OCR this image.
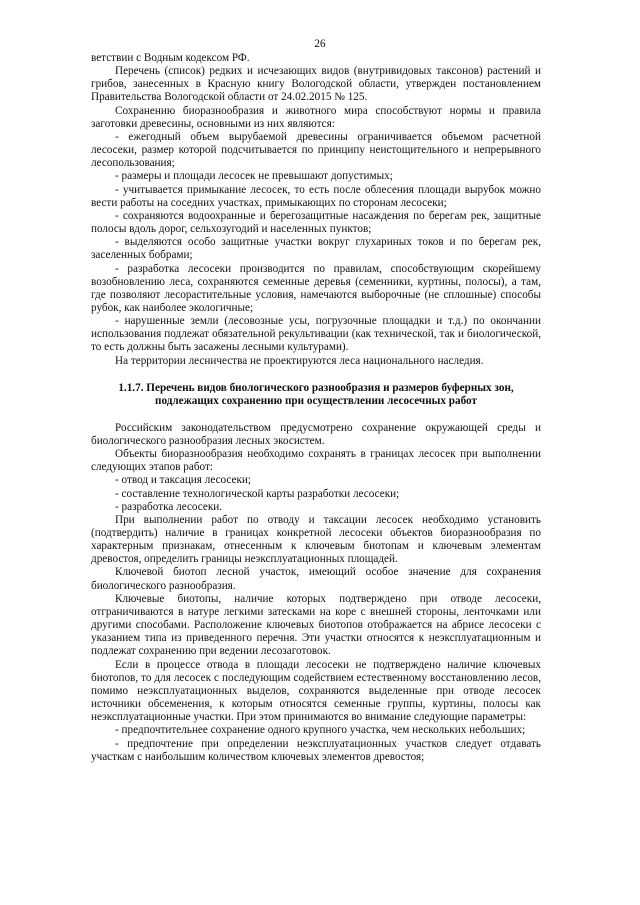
26

ветствии с Водным кодексом РФ.

Перечень (список) редких и исчезающих видов (внутривидовых таксонов) растений и грибов, занесенных в Красную книгу Вологодской области, утвержден постановлением Правительства Вологодской области от 24.02.2015 № 125.

Сохранению биоразнообразия и животного мира способствуют нормы и правила заготовки древесины, основными из них являются:

- ежегодный объем вырубаемой древесины ограничивается объемом расчетной лесосеки, размер которой подсчитывается по принципу неистощительного и непрерывного лесопользования;

- размеры и площади лесосек не превышают допустимых;

- учитывается примыкание лесосек, то есть после облесения площади вырубок можно вести работы на соседних участках, примыкающих по сторонам лесосеки;

- сохраняются водоохранные и берегозащитные насаждения по берегам рек, защитные полосы вдоль дорог, сельхозугодий и населенных пунктов;

- выделяются особо защитные участки вокруг глухариных токов и по берегам рек, заселенных бобрами;

- разработка лесосеки производится по правилам, способствующим скорейшему возобновлению леса, сохраняются семенные деревья (семенники, куртины, полосы), а там, где позволяют лесорастительные условия, намечаются выборочные (не сплошные) способы рубок, как наиболее экологичные;

- нарушенные земли (лесовозные усы, погрузочные площадки и т.д.) по окончании использования подлежат обязательной рекультивации (как технической, так и биологической, то есть должны быть засажены лесными культурами).

На территории лесничества не проектируются леса национального наследия.

1.1.7. Перечень видов биологического разнообразия и размеров буферных зон, подлежащих сохранению при осуществлении лесосечных работ

Российским законодательством предусмотрено сохранение окружающей среды и биологического разнообразия лесных экосистем.

Объекты биоразнообразия необходимо сохранять в границах лесосек при выполнении следующих этапов работ:

- отвод и таксация лесосеки;

- составление технологической карты разработки лесосеки;

- разработка лесосеки.

При выполнении работ по отводу и таксации лесосек необходимо установить (подтвердить) наличие в границах конкретной лесосеки объектов биоразнообразия по характерным признакам, отнесенным к ключевым биотопам и ключевым элементам древостоя, определить границы неэксплуатационных площадей.

Ключевой биотоп лесной участок, имеющий особое значение для сохранения биологического разнообразия.

Ключевые биотопы, наличие которых подтверждено при отводе лесосеки, отграничиваются в натуре легкими затесками на коре с внешней стороны, ленточками или другими способами. Расположение ключевых биотопов отображается на абрисе лесосеки с указанием типа из приведенного перечня. Эти участки относятся к неэксплуатационным и подлежат сохранению при ведении лесозаготовок.

Если в процессе отвода в площади лесосеки не подтверждено наличие ключевых биотопов, то для лесосек с последующим содействием естественному восстановлению лесов, помимо неэксплуатационных выделов, сохраняются выделенные при отводе лесосек источники обсеменения, к которым относятся семенные группы, куртины, полосы как неэксплуатационные участки. При этом принимаются во внимание следующие параметры:

- предпочтительнее сохранение одного крупного участка, чем нескольких небольших;

- предпочтение при определении неэксплуатационных участков следует отдавать участкам с наибольшим количеством ключевых элементов древостоя;
